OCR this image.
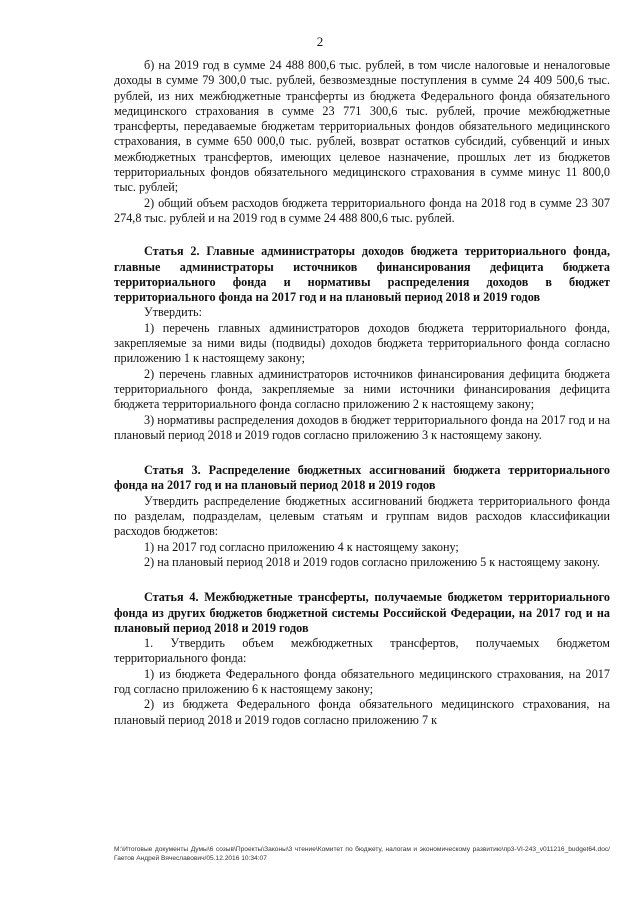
2

б) на 2019 год в сумме 24 488 800,6 тыс. рублей, в том числе налоговые и неналоговые доходы в сумме 79 300,0 тыс. рублей, безвозмездные поступления в сумме 24 409 500,6 тыс. рублей, из них межбюджетные трансферты из бюджета Федерального фонда обязательного медицинского страхования в сумме 23 771 300,6 тыс. рублей, прочие межбюджетные трансферты, передаваемые бюджетам территориальных фондов обязательного медицинского страхования, в сумме 650 000,0 тыс. рублей, возврат остатков субсидий, субвенций и иных межбюджетных трансфертов, имеющих целевое назначение, прошлых лет из бюджетов территориальных фондов обязательного медицинского страхования в сумме минус 11 800,0 тыс. рублей;

2) общий объем расходов бюджета территориального фонда на 2018 год в сумме 23 307 274,8 тыс. рублей и на 2019 год в сумме 24 488 800,6 тыс. рублей.

Статья 2. Главные администраторы доходов бюджета территориального фонда, главные администраторы источников финансирования дефицита бюджета территориального фонда и нормативы распределения доходов в бюджет территориального фонда на 2017 год и на плановый период 2018 и 2019 годов

Утвердить:

1) перечень главных администраторов доходов бюджета территориального фонда, закрепляемые за ними виды (подвиды) доходов бюджета территориального фонда согласно приложению 1 к настоящему закону;

2) перечень главных администраторов источников финансирования дефицита бюджета территориального фонда, закрепляемые за ними источники финансирования дефицита бюджета территориального фонда согласно приложению 2 к настоящему закону;

3) нормативы распределения доходов в бюджет территориального фонда на 2017 год и на плановый период 2018 и 2019 годов согласно приложению 3 к настоящему закону.

Статья 3. Распределение бюджетных ассигнований бюджета территориального фонда на 2017 год и на плановый период 2018 и 2019 годов

Утвердить распределение бюджетных ассигнований бюджета территориального фонда по разделам, подразделам, целевым статьям и группам видов расходов классификации расходов бюджетов:

1) на 2017 год согласно приложению 4 к настоящему закону;

2) на плановый период 2018 и 2019 годов согласно приложению 5 к настоящему закону.

Статья 4. Межбюджетные трансферты, получаемые бюджетом территориального фонда из других бюджетов бюджетной системы Российской Федерации, на 2017 год и на плановый период 2018 и 2019 годов

1. Утвердить объем межбюджетных трансфертов, получаемых бюджетом территориального фонда:

1) из бюджета Федерального фонда обязательного медицинского страхования, на 2017 год согласно приложению 6 к настоящему закону;

2) из бюджета Федерального фонда обязательного медицинского страхования, на плановый период 2018 и 2019 годов согласно приложению 7 к

M:\Итоговые документы Думы\6 созыв\Проекты\Законы\3 чтение\Комитет по бюджету, налогам и экономическому развитию\пр3-VI-243_v011216_budget64.doc/Гаетов Андрей Вячеславович/05.12.2016 10:34:07
